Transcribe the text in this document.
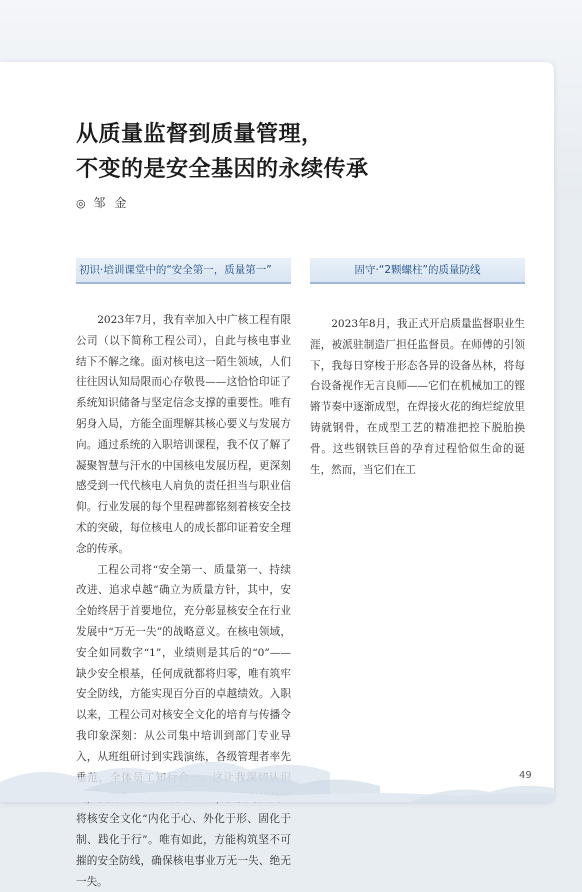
从质量监督到质量管理，
不变的是安全基因的永续传承
◎ 邹金
初识·培训课堂中的“安全第一，质量第一”

2023年7月，我有幸加入中广核工程有限公司（以下简称工程公司），自此与核电事业结下不解之缘。面对核电这一陌生领域，人们往往因认知局限而心存敬畏——这恰恰印证了系统知识储备与坚定信念支撑的重要性。唯有躬身入局，方能全面理解其核心要义与发展方向。通过系统的入职培训课程，我不仅了解了凝聚智慧与汗水的中国核电发展历程，更深刻感受到一代代核电人肩负的责任担当与职业信仰。行业发展的每个里程碑都铭刻着核安全技术的突破，每位核电人的成长都印证着安全理念的传承。

工程公司将“安全第一、质量第一、持续改进、追求卓越”确立为质量方针，其中，安全始终居于首要地位，充分彰显核安全在行业发展中“万无一失”的战略意义。在核电领域，安全如同数字“1”，业绩则是其后的“0”——缺少安全根基，任何成就都将归零，唯有筑牢安全防线，方能实现百分百的卓越绩效。入职以来，工程公司对核安全文化的培育与传播令我印象深刻：从公司集中培训到部门专业导入，从班组研讨到实践演练，各级管理者率先 将核安全文化“内化于心、外化于形、固化于制、践化于行”。唯有如此，方能构筑坚不可摧的安全防线，确保核电事业万无一失、绝无一失。

固守·“2颗螺柱”的质量防线

2023年8月，我正式开启质量监督职业生涯，被派驻制造厂担任监督员。在师傅的引领下，我每日穿梭于形态各异的设备丛林，将每台设备视作无言良师——它们在机械加工的铿锵节奏中逐渐成型，在焊接火花的绚烂绽放里铸就钢骨，在成型工艺的精准把控下脱胎换骨。这些钢铁巨兽的孕育过程恰似生命的诞生，然而，当它们在工

49
